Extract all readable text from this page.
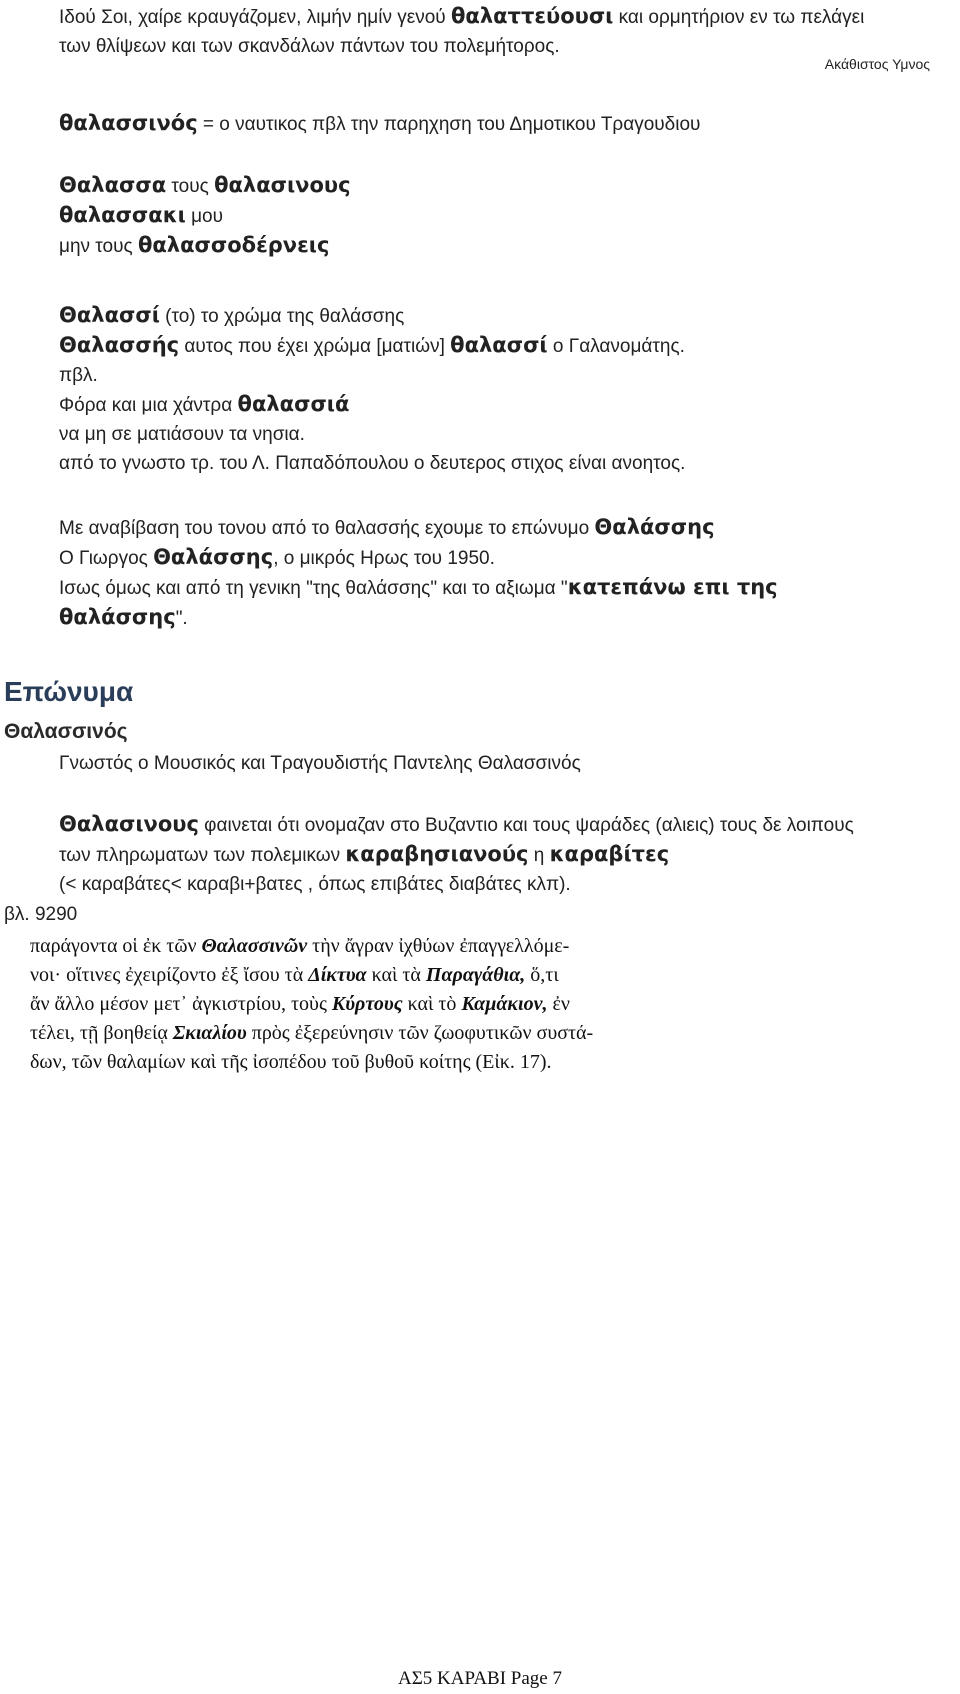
Ιδού Σοι, χαίρε κραυγάζομεν, λιμήν ημίν γενού θαλαττεύουσι και ορμητήριον εν τω πελάγει
των θλίψεων και των σκανδάλων πάντων του πολεμήτορος.
Ακάθιστος Υμνος
θαλασσινός = ο ναυτικος πβλ την παρηχηση του Δημοτικου Τραγουδιου
Θαλασσα τους θαλασινους
θαλασσακι μου
μην τους θαλασσοδέρνεις
Θαλασσί (το) το χρώμα της θαλάσσης
Θαλασσής αυτος που έχει χρώμα [ματιών] θαλασσί ο Γαλανομάτης.
πβλ.
Φόρα και μια χάντρα θαλασσιά
να μη σε ματιάσουν τα νησια.
από το γνωστο τρ. του Λ. Παπαδόπουλου ο δευτερος στιχος είναι ανοητος.
Με αναβίβαση του τονου από το θαλασσής εχουμε το επώνυμο Θαλάσσης
Ο Γιωργος Θαλάσσης, ο μικρός Ηρως του 1950.
Ισως όμως και από τη γενικη "της θαλάσσης" και το αξιωμα "κατεπάνω επι της
θαλάσσης".
Επώνυμα
Θαλασσινός
Γνωστός ο Μουσικός και Τραγουδιστής Παντελης Θαλασσινός
Θαλασινους φαινεται ότι ονομαζαν στο Βυζαντιο και τους ψαράδες (αλιεις) τους δε λοιπους
των πληρωματων των πολεμικων καραβησιανούς η καραβίτες
(< καραβάτες< καραβι+βατες , όπως επιβάτες διαβάτες κλπ).
βλ. 9290
παράγοντα οἱ ἐκ τῶν Θαλασσινῶν τὴν ἄγραν ἰχθύων ἐπαγγελλόμε-
νοι· οἵτινες ἐχειρίζοντο ἐξ ἴσου τὰ Δίκτυα καὶ τὰ Παραγάθια, ὅ,τι
ἄν ἄλλο μέσον μετ᾽ ἀγκιστρίου, τοὺς Κύρτους καὶ τὸ Καμάκιον, ἐν
τέλει, τῇ βοηθείᾳ Σκιαλίου πρὸς ἐξερεύνησιν τῶν ζωοφυτικῶν συστά-
δων, τῶν θαλαμίων καὶ τῆς ἰσοπέδου τοῦ βυθοῦ κοίτης (Εἰκ. 17).
ΑΣ5 ΚΑΡΑΒΙ Page 7
